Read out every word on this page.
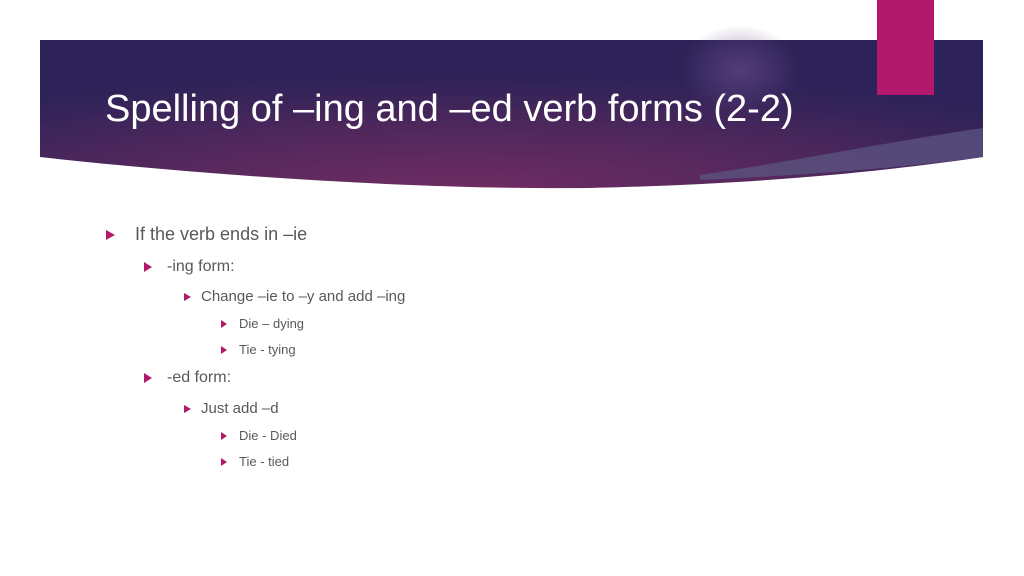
Spelling of –ing and –ed verb forms (2-2)
If the verb ends in –ie
-ing form:
Change –ie to –y and add –ing
Die – dying
Tie - tying
-ed form:
Just add –d
Die - Died
Tie - tied
